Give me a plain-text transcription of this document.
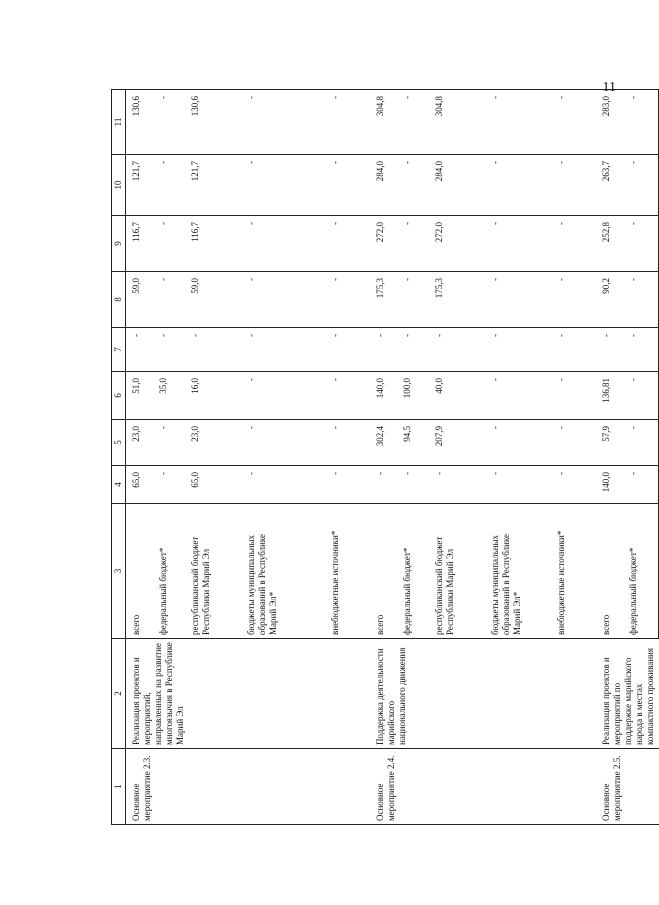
11
1	2	3	4	5	6	7	8	9	10	11
Основное мероприятие 2.3.	Реализация проектов и мероприятий, направленных на развитие многоязычия в Республике Марий Эл	всего	65,0	23,0	51,0	-	59,0	116,7	121,7	130,6
		федеральный бюджет*	-	-	35,0	-	-	-	-	-
		республиканский бюджет Республики Марий Эл	65,0	23,0	16,0	-	59,0	116,7	121,7	130,6
		бюджеты муниципальных образований в Республике Марий Эл*	-	-	-	-	-	-	-	-
		внебюджетные источники*	-	-	-	-	-	-	-	-
Основное мероприятие 2.4.	Поддержка деятельности марийского национального движения	всего	-	302,4	140,0	-	175,3	272,0	284,0	304,8
		федеральный бюджет*	-	94,5	100,0	-	-	-	-	-
		республиканский бюджет Республики Марий Эл	-	207,9	40,0	-	175,3	272,0	284,0	304,8
		бюджеты муниципальных образований в Республике Марий Эл*	-	-	-	-	-	-	-	-
		внебюджетные источники*	-	-	-	-	-	-	-	-
Основное мероприятие 2.5.	Реализация проектов и мероприятий по поддержке марийского народа в местах компактного проживания	всего	140,0	57,9	136,81	-	90,2	252,8	263,7	283,0
		федеральный бюджет*	-	-	-	-	-	-	-	-
